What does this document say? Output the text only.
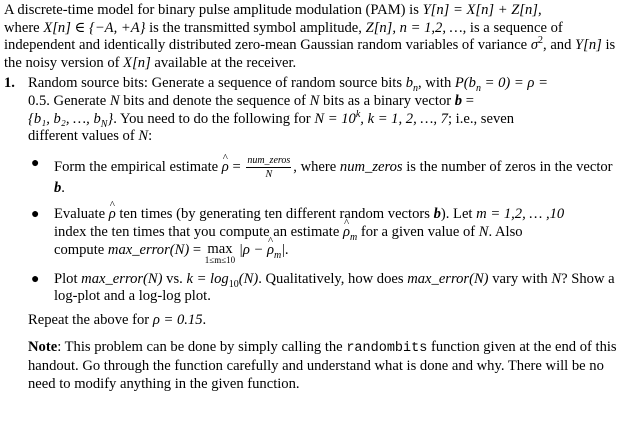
A discrete-time model for binary pulse amplitude modulation (PAM) is Y[n] = X[n] + Z[n],
where X[n] ∈ {−A, +A} is the transmitted symbol amplitude, Z[n], n = 1,2, …, is a sequence of independent and identically distributed zero-mean Gaussian random variables of variance $\sigma^2$, and Y[n] is the noisy version of X[n] available at the receiver.

1. Random source bits: Generate a sequence of random source bits $b_n$, with $P(b_n = 0) = \rho$ =
0.5. Generate N bits and denote the sequence of N bits as a binary vector b =
{b₁, b₂, …, $b_N$}. You need to do the following for $N = 10^k$, k = 1, 2, …, 7; i.e., seven
different values of N:
● Form the empirical estimate ρ ^ = $\frac{\text{num\_zeros}}{N}$ , where num_zeros is the number of zeros in the vector b.
● Evaluate ρ ^ ten times (by generating ten different random vectors b). Let m = 1,2, … ,10
index the ten times that you compute an estimate ρ $\^{}_m$ for a given value of N. Also
compute max_error(N) = max
1≤m≤10
|ρ − ρ $\^{}_m|$.
● Plot max_error(N) vs. $k = \log_{10}(N)$. Qualitatively, how does max_error(N) vary with N? Show a log-plot and a log-log plot.

Repeat the above for ρ = 0.15.

Note: This problem can be done by simply calling the randombits function given at the end of this handout. Go through the function carefully and understand what is done and why. There will be no need to modify anything in the given function.
